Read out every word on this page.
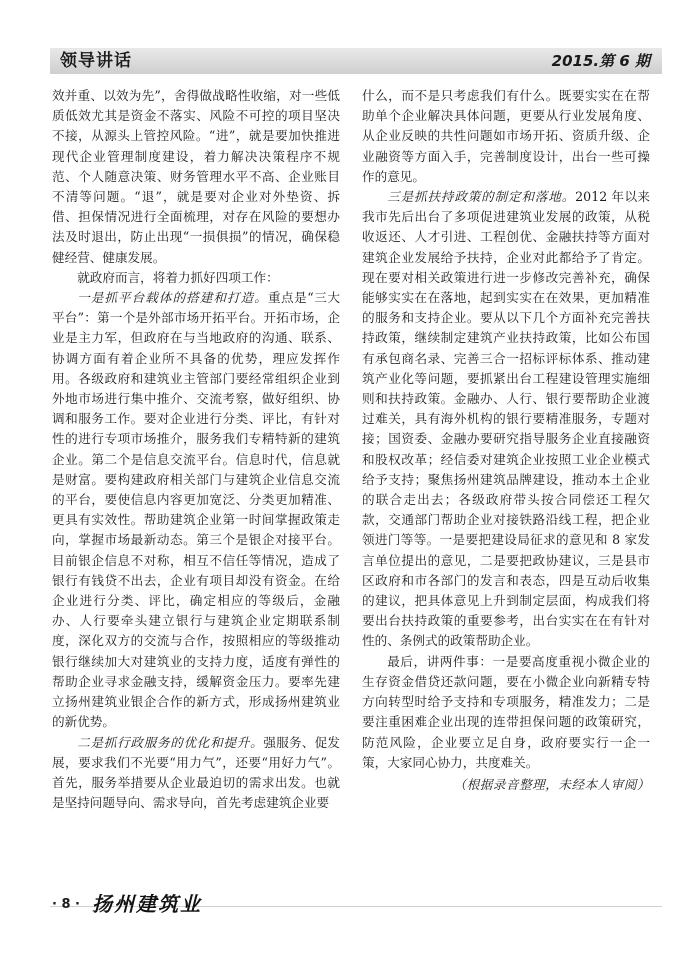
领导讲话	2015.第 6 期

效并重、以效为先”，舍得做战略性收缩，对一些低质低效尤其是资金不落实、风险不可控的项目坚决不接，从源头上管控风险。“进”，就是要加快推进现代企业管理制度建设，着力解决决策程序不规范、个人随意决策、财务管理水平不高、企业账目不清等问题。“退”，就是要对企业对外垫资、拆借、担保情况进行全面梳理，对存在风险的要想办法及时退出，防止出现“一损俱损”的情况，确保稳健经营、健康发展。

就政府而言，将着力抓好四项工作：

一是抓平台载体的搭建和打造。重点是“三大平台”：第一个是外部市场开拓平台。开拓市场，企业是主力军，但政府在与当地政府的沟通、联系、协调方面有着企业所不具备的优势，理应发挥作用。各级政府和建筑业主管部门要经常组织企业到外地市场进行集中推介、交流考察，做好组织、协调和服务工作。要对企业进行分类、评比，有针对性的进行专项市场推介，服务我们专精特新的建筑企业。第二个是信息交流平台。信息时代，信息就是财富。要构建政府相关部门与建筑企业信息交流的平台，要使信息内容更加宽泛、分类更加精准、更具有实效性。帮助建筑企业第一时间掌握政策走向，掌握市场最新动态。第三个是银企对接平台。目前银企信息不对称，相互不信任等情况，造成了银行有钱贷不出去，企业有项目却没有资金。在给企业进行分类、评比，确定相应的等级后，金融办、人行要牵头建立银行与建筑企业定期联系制度，深化双方的交流与合作，按照相应的等级推动银行继续加大对建筑业的支持力度，适度有弹性的帮助企业寻求金融支持，缓解资金压力。要率先建立扬州建筑业银企合作的新方式，形成扬州建筑业的新优势。

二是抓行政服务的优化和提升。强服务、促发展，要求我们不光要“用力气”，还要“用好力气”。首先，服务举措要从企业最迫切的需求出发。也就是坚持问题导向、需求导向，首先考虑建筑企业要

什么，而不是只考虑我们有什么。既要实实在在帮助单个企业解决具体问题，更要从行业发展角度、从企业反映的共性问题如市场开拓、资质升级、企业融资等方面入手，完善制度设计，出台一些可操作的意见。

三是抓扶持政策的制定和落地。2012 年以来我市先后出台了多项促进建筑业发展的政策，从税收返还、人才引进、工程创优、金融扶持等方面对建筑企业发展给予扶持，企业对此都给予了肯定。现在要对相关政策进行进一步修改完善补充，确保能够实实在在落地，起到实实在在效果，更加精准的服务和支持企业。要从以下几个方面补充完善扶持政策，继续制定建筑产业扶持政策，比如公布国有承包商名录、完善三合一招标评标体系、推动建筑产业化等问题，要抓紧出台工程建设管理实施细则和扶持政策。金融办、人行、银行要帮助企业渡过难关，具有海外机构的银行要精准服务，专题对接；国资委、金融办要研究指导服务企业直接融资和股权改革；经信委对建筑企业按照工业企业模式给予支持；聚焦扬州建筑品牌建设，推动本土企业的联合走出去；各级政府带头按合同偿还工程欠款，交通部门帮助企业对接铁路沿线工程，把企业领进门等等。一是要把建设局征求的意见和 8 家发言单位提出的意见，二是要把政协建议，三是县市区政府和市各部门的发言和表态，四是互动后收集的建议，把具体意见上升到制定层面，构成我们将要出台扶持政策的重要参考，出台实实在在有针对性的、条例式的政策帮助企业。

最后，讲两件事：一是要高度重视小微企业的生存资金借贷还款问题，要在小微企业向新精专特方向转型时给予支持和专项服务，精准发力；二是要注重困难企业出现的连带担保问题的政策研究，防范风险，企业要立足自身，政府要实行一企一策，大家同心协力，共度难关。

（根据录音整理，未经本人审阅）

· 8 · 扬州建筑业
